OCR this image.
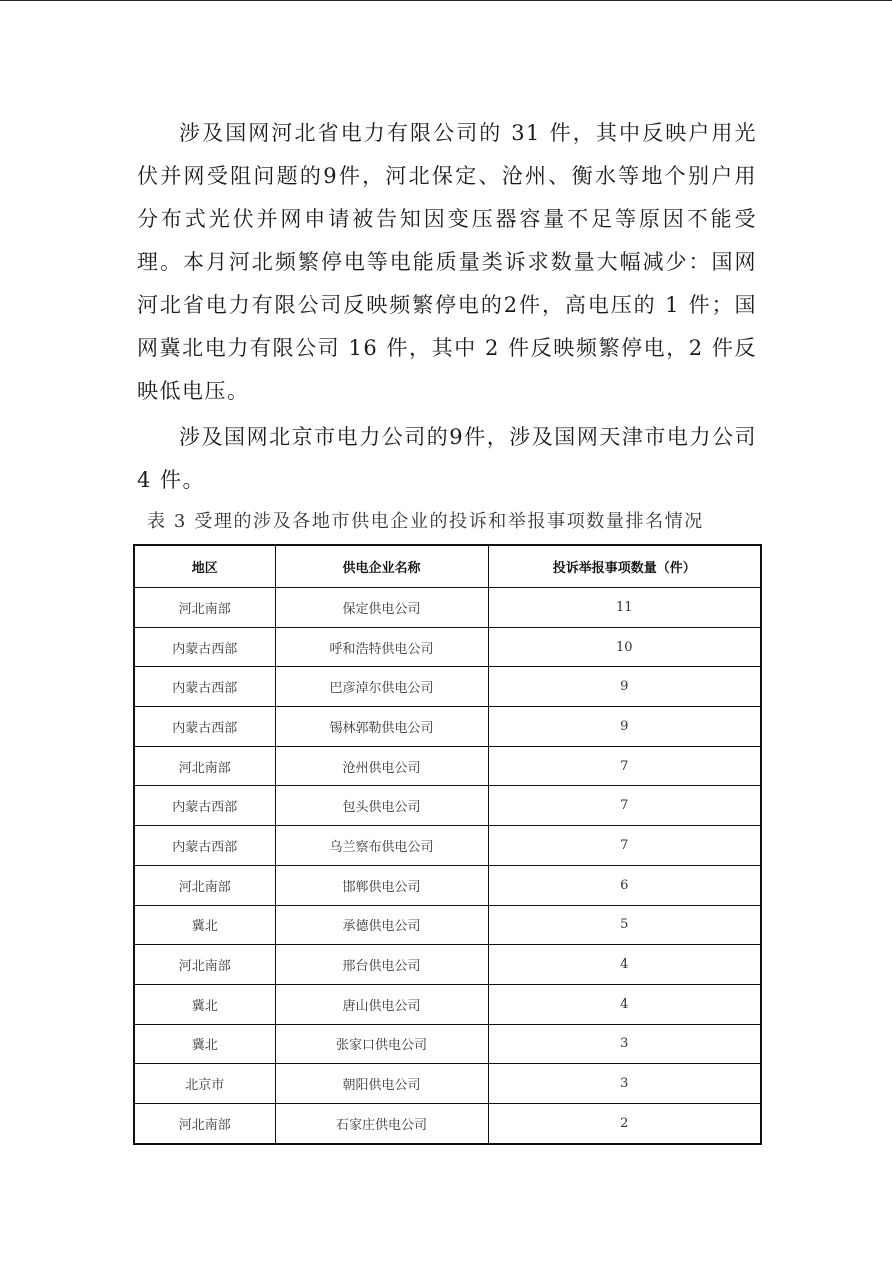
涉及国网河北省电力有限公司的 31 件，其中反映户用光伏并网受阻问题的9件，河北保定、沧州、衡水等地个别户用分布式光伏并网申请被告知因变压器容量不足等原因不能受理。本月河北频繁停电等电能质量类诉求数量大幅减少：国网河北省电力有限公司反映频繁停电的2件，高电压的 1 件；国网冀北电力有限公司 16 件，其中 2 件反映频繁停电，2 件反映低电压。

涉及国网北京市电力公司的9件，涉及国网天津市电力公司 4 件。

表 3 受理的涉及各地市供电企业的投诉和举报事项数量排名情况

地区	供电企业名称	投诉举报事项数量（件）
河北南部	保定供电公司	11
内蒙古西部	呼和浩特供电公司	10
内蒙古西部	巴彦淖尔供电公司	9
内蒙古西部	锡林郭勒供电公司	9
河北南部	沧州供电公司	7
内蒙古西部	包头供电公司	7
内蒙古西部	乌兰察布供电公司	7
河北南部	邯郸供电公司	6
冀北	承德供电公司	5
河北南部	邢台供电公司	4
冀北	唐山供电公司	4
冀北	张家口供电公司	3
北京市	朝阳供电公司	3
河北南部	石家庄供电公司	2
